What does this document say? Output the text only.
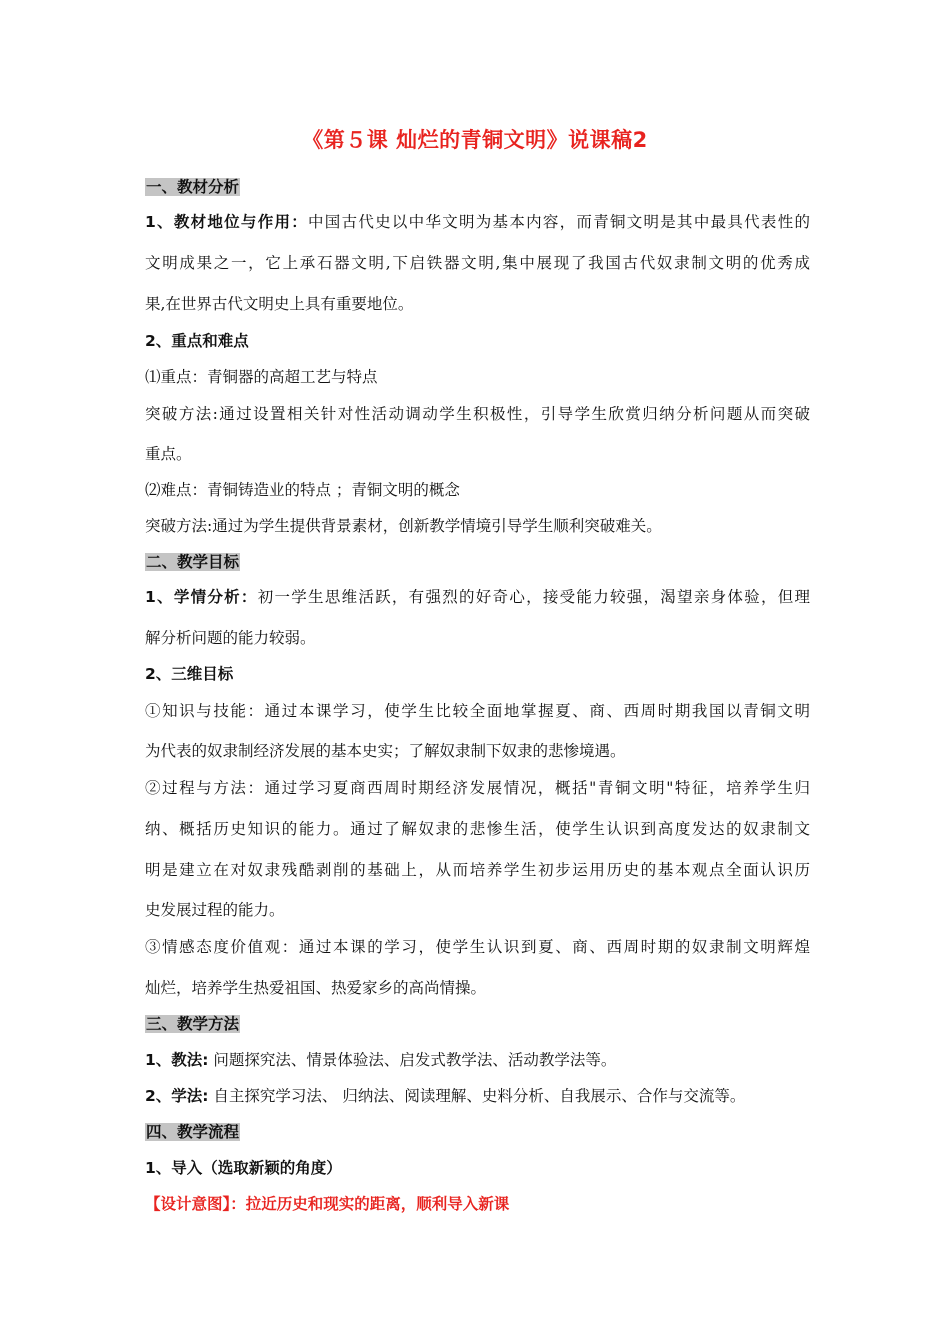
《第５课 灿烂的青铜文明》说课稿2
一、教材分析
1、教材地位与作用：中国古代史以中华文明为基本内容，而青铜文明是其中最具代表性的
文明成果之一，它上承石器文明,下启铁器文明,集中展现了我国古代奴隶制文明的优秀成
果,在世界古代文明史上具有重要地位。
2、重点和难点
⑴重点：青铜器的高超工艺与特点
突破方法:通过设置相关针对性活动调动学生积极性，引导学生欣赏归纳分析问题从而突破
重点。
⑵难点：青铜铸造业的特点 ；青铜文明的概念
突破方法:通过为学生提供背景素材，创新教学情境引导学生顺利突破难关。
二、教学目标
1、学情分析：初一学生思维活跃，有强烈的好奇心，接受能力较强，渴望亲身体验，但理
解分析问题的能力较弱。
2、三维目标
①知识与技能：通过本课学习，使学生比较全面地掌握夏、商、西周时期我国以青铜文明
为代表的奴隶制经济发展的基本史实；了解奴隶制下奴隶的悲惨境遇。
②过程与方法：通过学习夏商西周时期经济发展情况，概括"青铜文明"特征，培养学生归
纳、概括历史知识的能力。通过了解奴隶的悲惨生活，使学生认识到高度发达的奴隶制文
明是建立在对奴隶残酷剥削的基础上，从而培养学生初步运用历史的基本观点全面认识历
史发展过程的能力。
③情感态度价值观：通过本课的学习，使学生认识到夏、商、西周时期的奴隶制文明辉煌
灿烂，培养学生热爱祖国、热爱家乡的高尚情操。
三、教学方法
1、教法: 问题探究法、情景体验法、启发式教学法、活动教学法等。
2、学法: 自主探究学习法、 归纳法、阅读理解、史料分析、自我展示、合作与交流等。
四、教学流程
1、导入（选取新颖的角度）
【设计意图】：拉近历史和现实的距离，顺利导入新课
